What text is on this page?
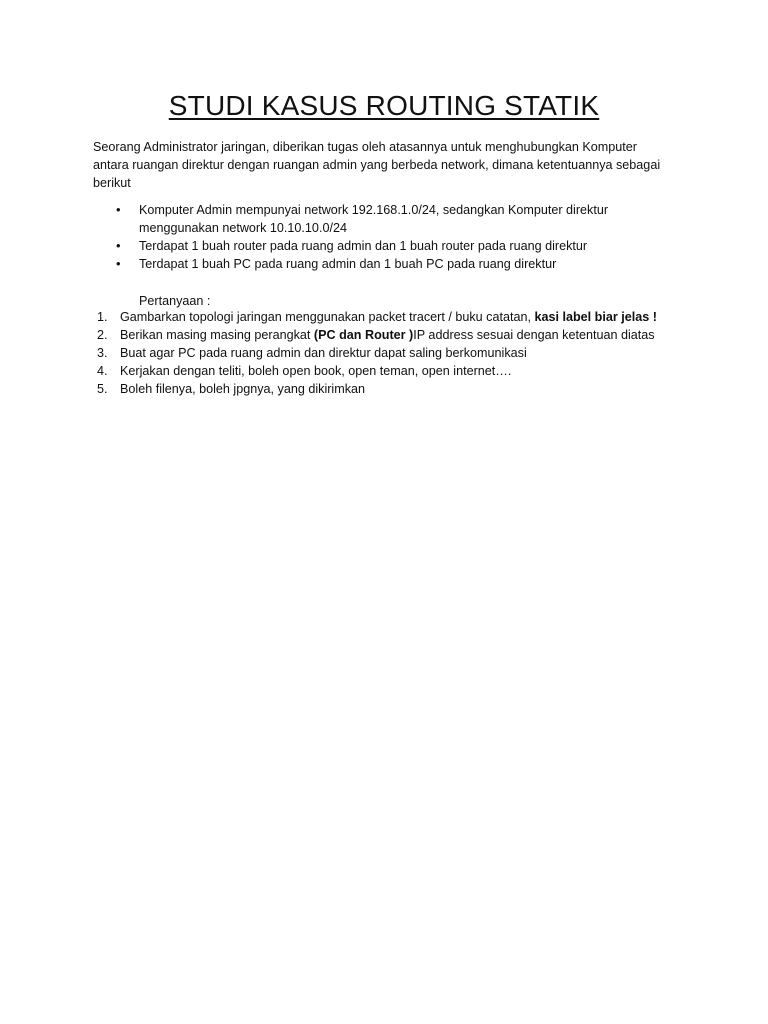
STUDI KASUS ROUTING STATIK

Seorang Administrator jaringan, diberikan tugas oleh atasannya untuk menghubungkan Komputer antara ruangan direktur dengan ruangan admin yang berbeda network, dimana ketentuannya sebagai berikut

• Komputer Admin mempunyai network 192.168.1.0/24, sedangkan Komputer direktur
menggunakan network 10.10.10.0/24
• Terdapat 1 buah router pada ruang admin dan 1 buah router pada ruang direktur
• Terdapat 1 buah PC pada ruang admin dan 1 buah PC pada ruang direktur

Pertanyaan :

1. Gambarkan topologi jaringan menggunakan packet tracert / buku catatan, kasi label biar jelas !
2. Berikan masing masing perangkat (PC dan Router )IP address sesuai dengan ketentuan diatas
3. Buat agar PC pada ruang admin dan direktur dapat saling berkomunikasi
4. Kerjakan dengan teliti, boleh open book, open teman, open internet….
5. Boleh filenya, boleh jpgnya, yang dikirimkan
